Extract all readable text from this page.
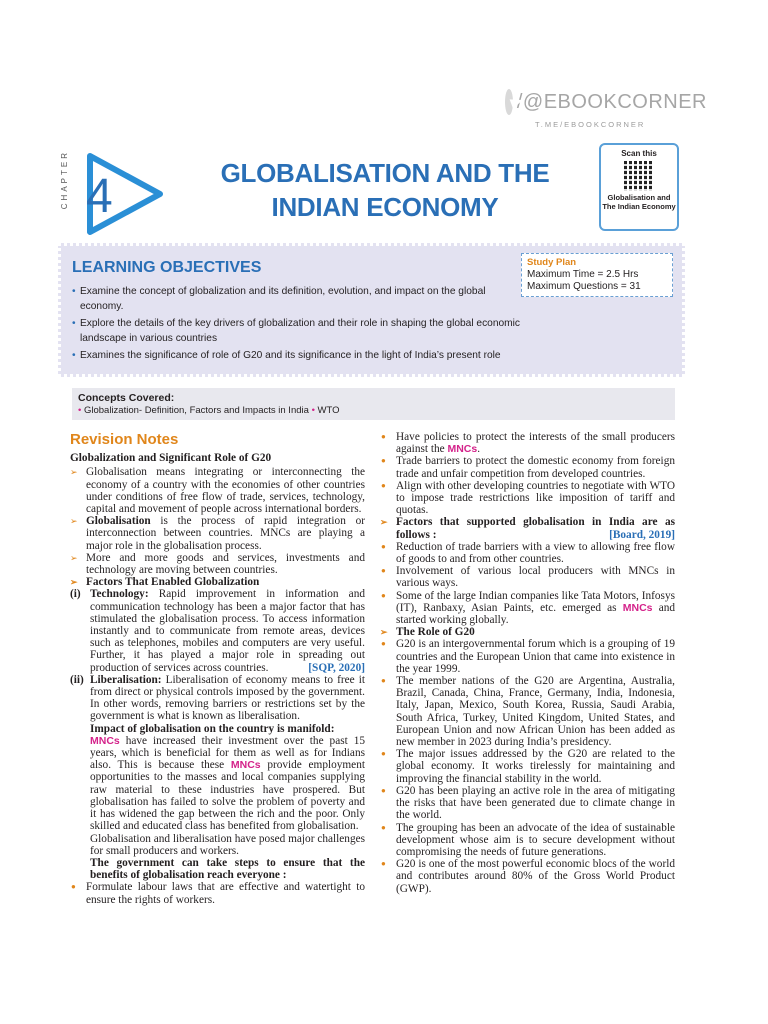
/@EBOOKCORNER
T.ME/EBOOKCORNER
CHAPTER 4	GLOBALISATION AND THE
INDIAN ECONOMY
Scan this
Globalisation and The Indian Economy
LEARNING OBJECTIVES
• Examine the concept of globalization and its definition, evolution, and impact on the global economy.
• Explore the details of the key drivers of globalization and their role in shaping the global economic landscape in various countries
• Examines the significance of role of G20 and its significance in the light of India’s present role
Study Plan
Maximum Time = 2.5 Hrs
Maximum Questions = 31
Concepts Covered:
• Globalization- Definition, Factors and Impacts in India • WTO
Revision Notes
Globalization and Significant Role of G20
➢ Globalisation means integrating or interconnecting the economy of a country with the economies of other countries under conditions of free flow of trade, services, technology, capital and movement of people across international borders.
➢ Globalisation is the process of rapid integration or interconnection between countries. MNCs are playing a major role in the globalisation process.
➢ More and more goods and services, investments and technology are moving between countries.
➢ Factors That Enabled Globalization
(i) Technology: Rapid improvement in information and communication technology has been a major factor that has stimulated the globalisation process. To access information instantly and to communicate from remote areas, devices such as telephones, mobiles and computers are very useful. Further, it has played a major role in spreading out production of services across countries.	[SQP, 2020]
(ii) Liberalisation: Liberalisation of economy means to free it from direct or physical controls imposed by the government. In other words, removing barriers or restrictions set by the government is what is known as liberalisation.
Impact of globalisation on the country is manifold:
MNCs have increased their investment over the past 15 years, which is beneficial for them as well as for Indians also. This is because these MNCs provide employment opportunities to the masses and local companies supplying raw material to these industries have prospered. But globalisation has failed to solve the problem of poverty and it has widened the gap between the rich and the poor. Only skilled and educated class has benefited from globalisation.
Globalisation and liberalisation have posed major challenges for small producers and workers.
The government can take steps to ensure that the benefits of globalisation reach everyone :
● Formulate labour laws that are effective and watertight to ensure the rights of workers.
● Have policies to protect the interests of the small producers against the MNCs.
● Trade barriers to protect the domestic economy from foreign trade and unfair competition from developed countries.
● Align with other developing countries to negotiate with WTO to impose trade restrictions like imposition of tariff and quotas.
➢ Factors that supported globalisation in India are as follows :	[Board, 2019]
● Reduction of trade barriers with a view to allowing free flow of goods to and from other countries.
● Involvement of various local producers with MNCs in various ways.
● Some of the large Indian companies like Tata Motors, Infosys (IT), Ranbaxy, Asian Paints, etc. emerged as MNCs and started working globally.
➢ The Role of G20
● G20 is an intergovernmental forum which is a grouping of 19 countries and the European Union that came into existence in the year 1999.
● The member nations of the G20 are Argentina, Australia, Brazil, Canada, China, France, Germany, India, Indonesia, Italy, Japan, Mexico, South Korea, Russia, Saudi Arabia, South Africa, Turkey, United Kingdom, United States, and European Union and now African Union has been added as new member in 2023 during India’s presidency.
● The major issues addressed by the G20 are related to the global economy. It works tirelessly for maintaining and improving the financial stability in the world.
● G20 has been playing an active role in the area of mitigating the risks that have been generated due to climate change in the world.
● The grouping has been an advocate of the idea of sustainable development whose aim is to secure development without compromising the needs of future generations.
● G20 is one of the most powerful economic blocs of the world and contributes around 80% of the Gross World Product (GWP).
